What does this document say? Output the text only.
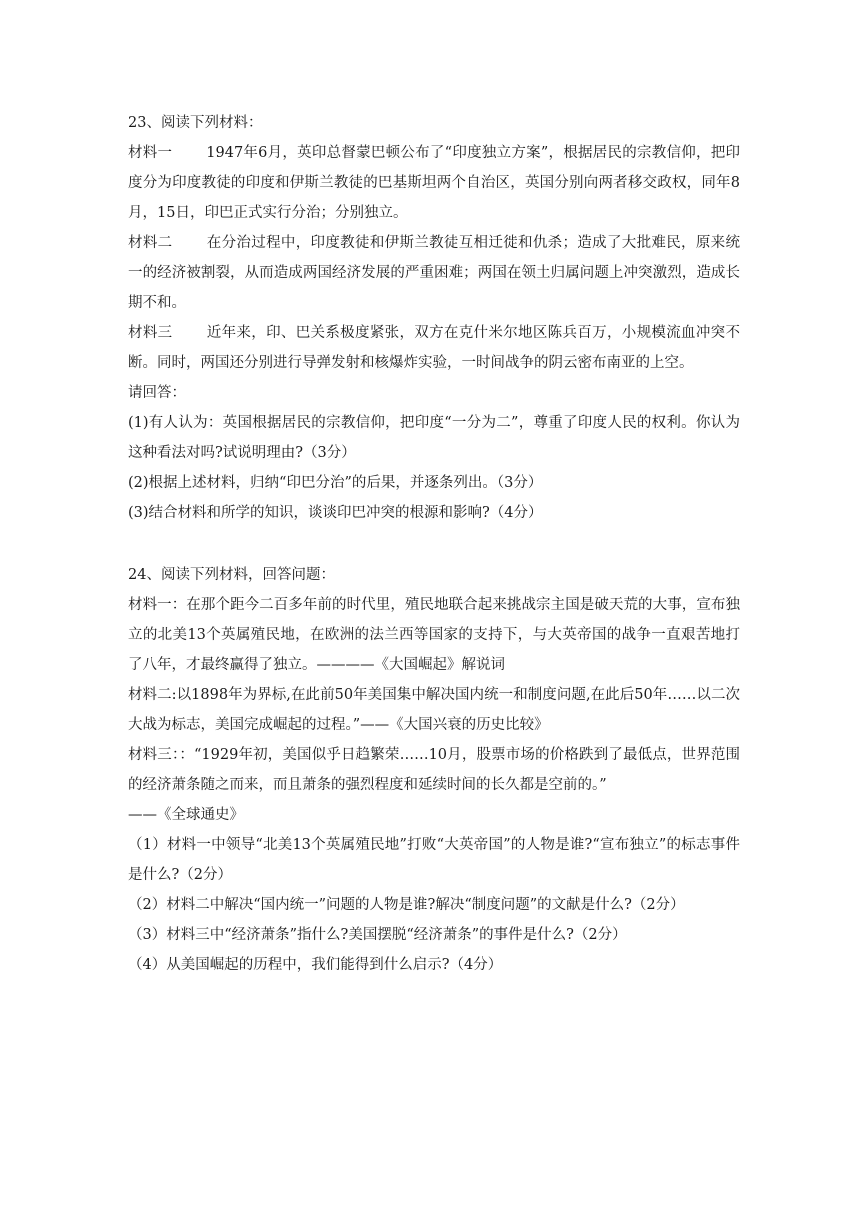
23、阅读下列材料：

材料一 1947年6月，英印总督蒙巴顿公布了“印度独立方案”，根据居民的宗教信仰，把印度分为印度教徒的印度和伊斯兰教徒的巴基斯坦两个自治区，英国分别向两者移交政权，同年8月，15日，印巴正式实行分治；分别独立。

材料二 在分治过程中，印度教徒和伊斯兰教徒互相迁徙和仇杀；造成了大批难民，原来统一的经济被割裂，从而造成两国经济发展的严重困难；两国在领土归属问题上冲突激烈，造成长期不和。

材料三 近年来，印、巴关系极度紧张，双方在克什米尔地区陈兵百万，小规模流血冲突不断。同时，两国还分别进行导弹发射和核爆炸实验，一时间战争的阴云密布南亚的上空。

请回答：

(1)有人认为：英国根据居民的宗教信仰，把印度“一分为二”，尊重了印度人民的权利。你认为这种看法对吗?试说明理由?（3分）

(2)根据上述材料，归纳“印巴分治”的后果，并逐条列出。（3分）

(3)结合材料和所学的知识，谈谈印巴冲突的根源和影响?（4分）

24、阅读下列材料，回答问题：

材料一：在那个距今二百多年前的时代里，殖民地联合起来挑战宗主国是破天荒的大事，宣布独立的北美13个英属殖民地，在欧洲的法兰西等国家的支持下，与大英帝国的战争一直艰苦地打了八年，才最终赢得了独立。————《大国崛起》解说词

材料二:以1898年为界标,在此前50年美国集中解决国内统一和制度问题,在此后50年……以二次大战为标志，美国完成崛起的过程。”——《大国兴衰的历史比较》

材料三：：“1929年初，美国似乎日趋繁荣……10月，股票市场的价格跌到了最低点，世界范围的经济萧条随之而来，而且萧条的强烈程度和延续时间的长久都是空前的。”

——《全球通史》

（1）材料一中领导“北美13个英属殖民地”打败“大英帝国”的人物是谁?“宣布独立”的标志事件是什么?（2分）

（2）材料二中解决“国内统一”问题的人物是谁?解决“制度问题”的文献是什么?（2分）

（3）材料三中“经济萧条”指什么?美国摆脱“经济萧条”的事件是什么?（2分）

（4）从美国崛起的历程中，我们能得到什么启示?（4分）
